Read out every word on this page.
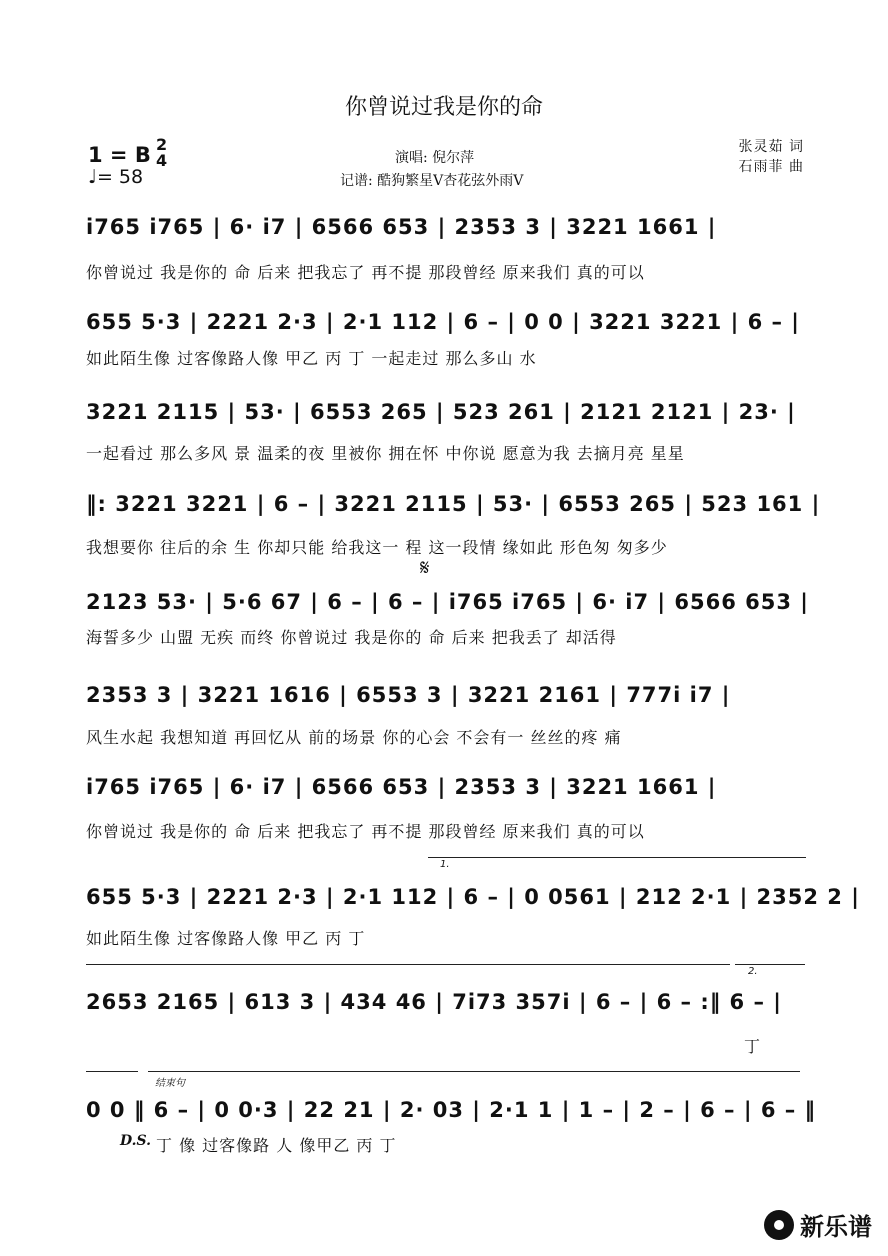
你曾说过我是你的命
1 = B 2
4
♩= 58
演唱: 倪尔萍
记谱: 酷狗繁星V杏花弦外雨V
张灵茹 词
石雨菲 曲
i765 i765 | 6· i7 | 6566 653 | 2353 3 | 3221 1661 |
你曾说过 我是你的 命 后来 把我忘了 再不提 那段曾经 原来我们 真的可以
655 5·3 | 2221 2·3 | 2·1 112 | 6 – | 0 0 | 3221 3221 | 6 – |
如此陌生像 过客像路人像 甲乙 丙 丁 一起走过 那么多山 水
3221 2115 | 53· | 6553 265 | 523 261 | 2121 2121 | 23· |
一起看过 那么多风 景 温柔的夜 里被你 拥在怀 中你说 愿意为我 去摘月亮 星星
‖: 3221 3221 | 6 – | 3221 2115 | 53· | 6553 265 | 523 161 |
我想要你 往后的余 生 你却只能 给我这一 程 这一段情 缘如此 形色匆 匆多少
𝄋
2123 53· | 5·6 67 | 6 – | 6 – | i765 i765 | 6· i7 | 6566 653 |
海誓多少 山盟 无疾 而终 你曾说过 我是你的 命 后来 把我丢了 却活得
2353 3 | 3221 1616 | 6553 3 | 3221 2161 | 777i i7 |
风生水起 我想知道 再回忆从 前的场景 你的心会 不会有一 丝丝的疼 痛
i765 i765 | 6· i7 | 6566 653 | 2353 3 | 3221 1661 |
你曾说过 我是你的 命 后来 把我忘了 再不提 那段曾经 原来我们 真的可以
1.
655 5·3 | 2221 2·3 | 2·1 112 | 6 – | 0 0561 | 212 2·1 | 2352 2 |
如此陌生像 过客像路人像 甲乙 丙 丁
2.
2653 2165 | 613 3 | 434 46 | 7i73 357i | 6 – | 6 – :‖ 6 – |
丁
结束句
0 0 ‖ 6 – | 0 0·3 | 22 21 | 2· 03 | 2·1 1 | 1 – | 2 – | 6 – | 6 – ‖
D.S. 丁 像 过客像路 人 像甲乙 丙 丁
新乐谱
